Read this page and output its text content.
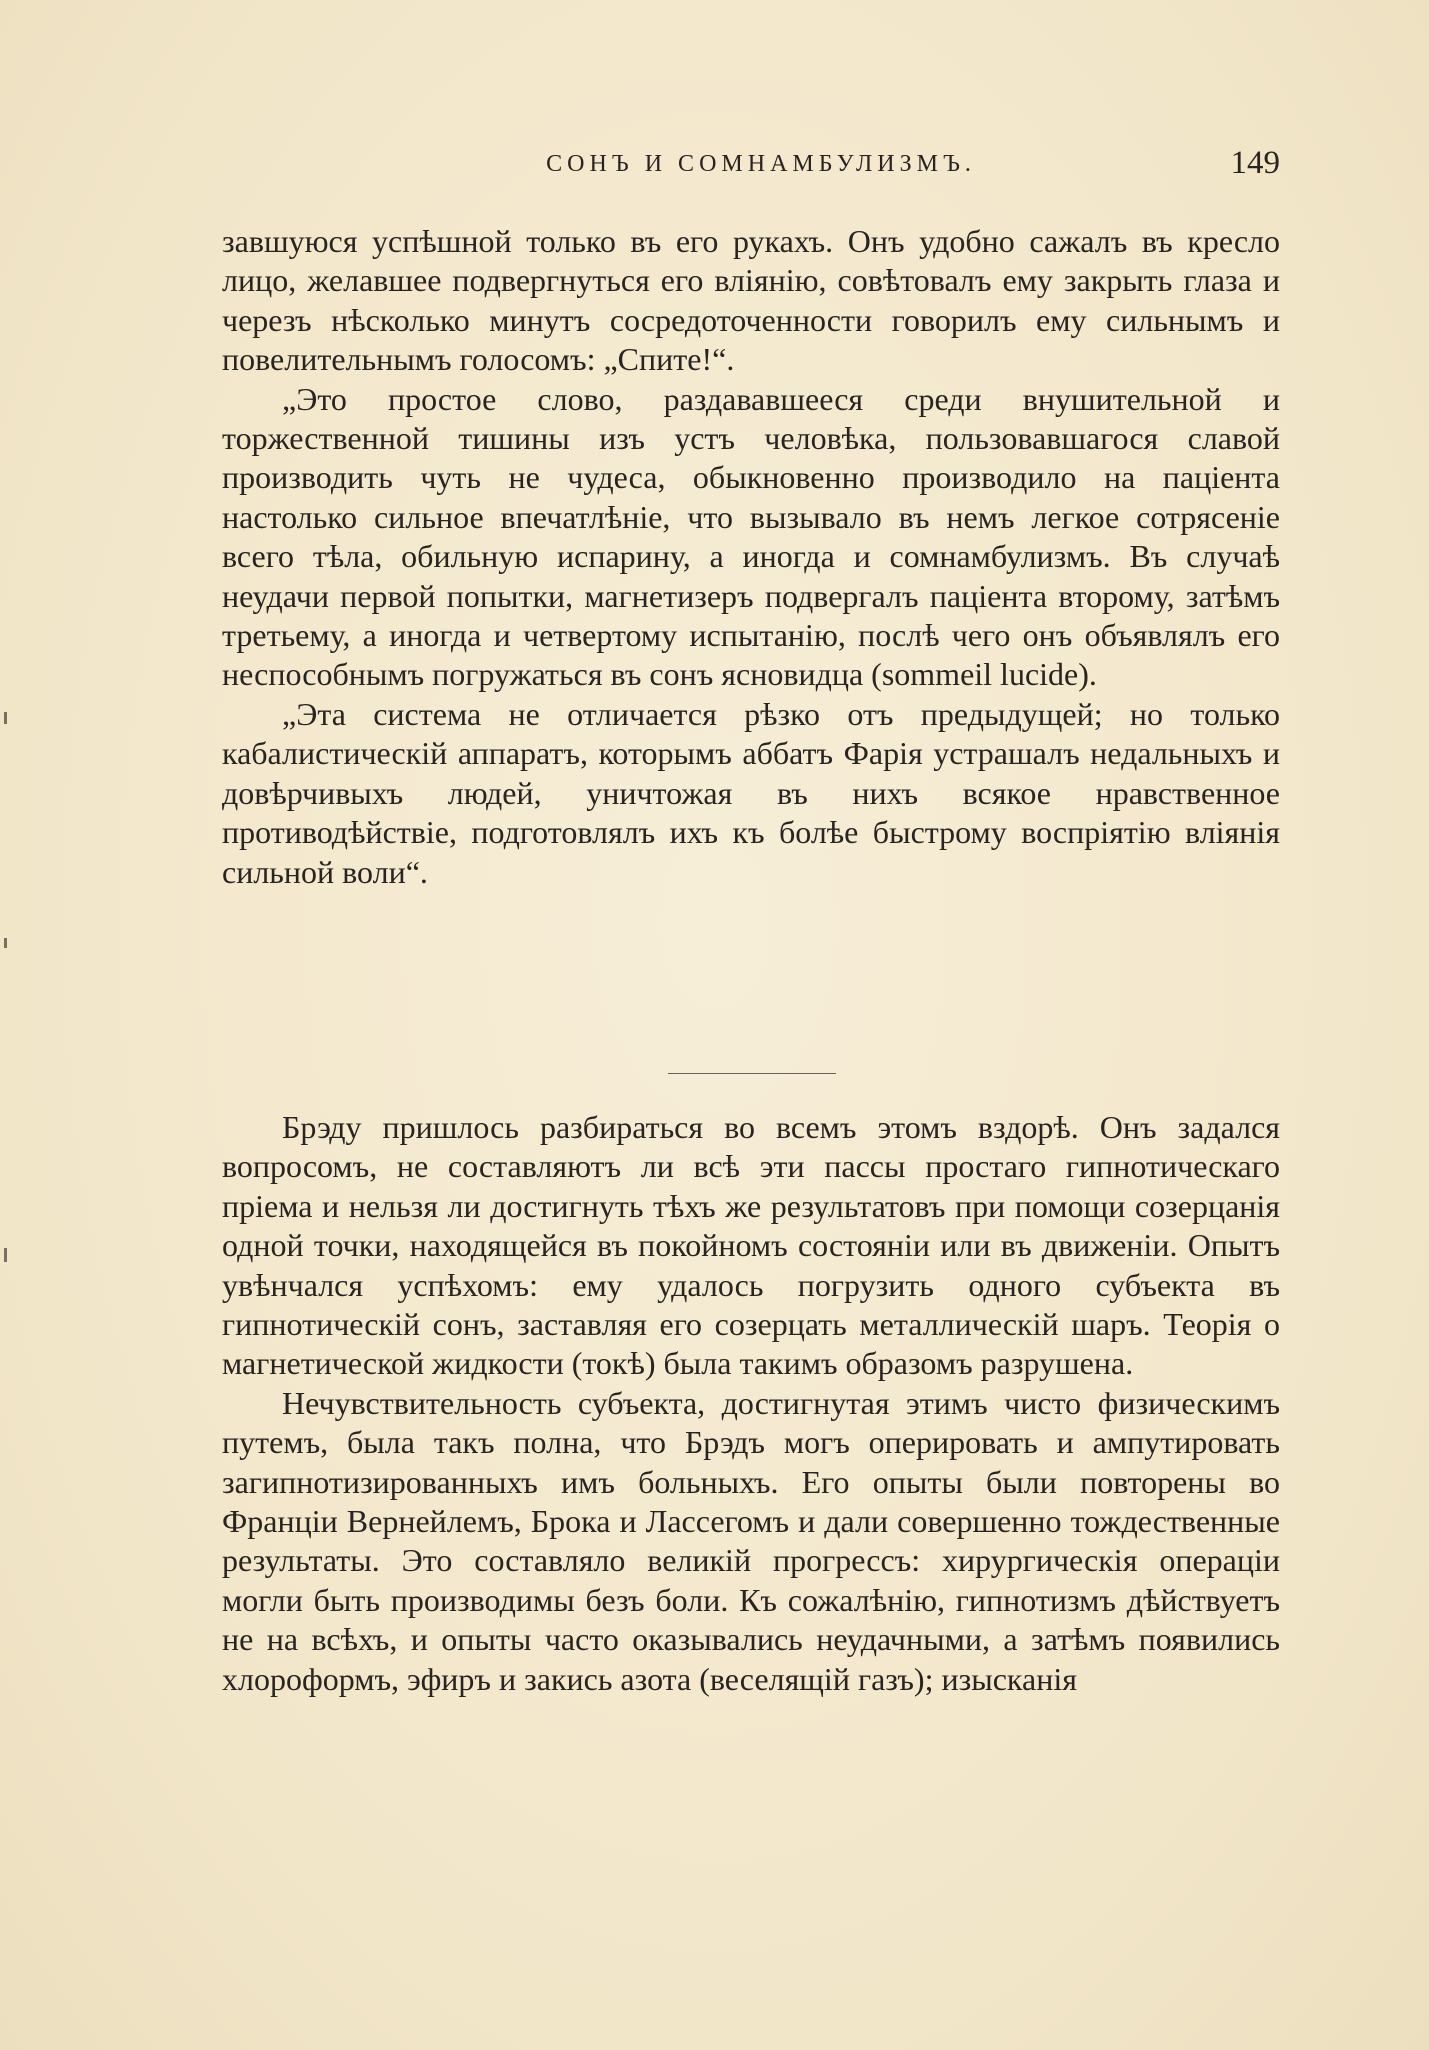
СОНЪ И СОМНАМБУЛИЗМЪ.	149

завшуюся успѣшной только въ его рукахъ. Онъ удобно сажалъ въ кресло лицо, желавшее подвергнуться его вліянію, совѣтовалъ ему закрыть глаза и черезъ нѣсколько минутъ сосредоточенности говорилъ ему сильнымъ и повелительнымъ голосомъ: „Спите!“.

„Это простое слово, раздававшееся среди внушительной и торжественной тишины изъ устъ человѣка, пользовавшагося славой производить чуть не чудеса, обыкновенно производило на паціента настолько сильное впечатлѣніе, что вызывало въ немъ легкое сотрясеніе всего тѣла, обильную испарину, а иногда и сомнамбулизмъ. Въ случаѣ неудачи первой попытки, магнетизеръ подвергалъ паціента второму, затѣмъ третьему, а иногда и четвертому испытанію, послѣ чего онъ объявлялъ его неспособнымъ погружаться въ сонъ ясновидца (sommeil lucide).

„Эта система не отличается рѣзко отъ предыдущей; но только кабалистическій аппаратъ, которымъ аббатъ Фарія устрашалъ недальныхъ и довѣрчивыхъ людей, уничтожая въ нихъ всякое нравственное противодѣйствіе, подготовлялъ ихъ къ болѣе быстрому воспріятію вліянія сильной воли“.

Брэду пришлось разбираться во всемъ этомъ вздорѣ. Онъ задался вопросомъ, не составляютъ ли всѣ эти пассы простаго гипнотическаго пріема и нельзя ли достигнуть тѣхъ же результатовъ при помощи созерцанія одной точки, находящейся въ покойномъ состояніи или въ движеніи. Опытъ увѣнчался успѣхомъ: ему удалось погрузить одного субъекта въ гипнотическій сонъ, заставляя его созерцать металлическій шаръ. Теорія о магнетической жидкости (токѣ) была такимъ образомъ разрушена.

Нечувствительность субъекта, достигнутая этимъ чисто физическимъ путемъ, была такъ полна, что Брэдъ могъ оперировать и ампутировать загипнотизированныхъ имъ больныхъ. Его опыты были повторены во Франціи Вернейлемъ, Брока и Лассегомъ и дали совершенно тождественные результаты. Это составляло великій прогрессъ: хирургическія операціи могли быть производимы безъ боли. Къ сожалѣнію, гипнотизмъ дѣйствуетъ не на всѣхъ, и опыты часто оказывались неудачными, а затѣмъ появились хлороформъ, эфиръ и закись азота (веселящій газъ); изысканія
